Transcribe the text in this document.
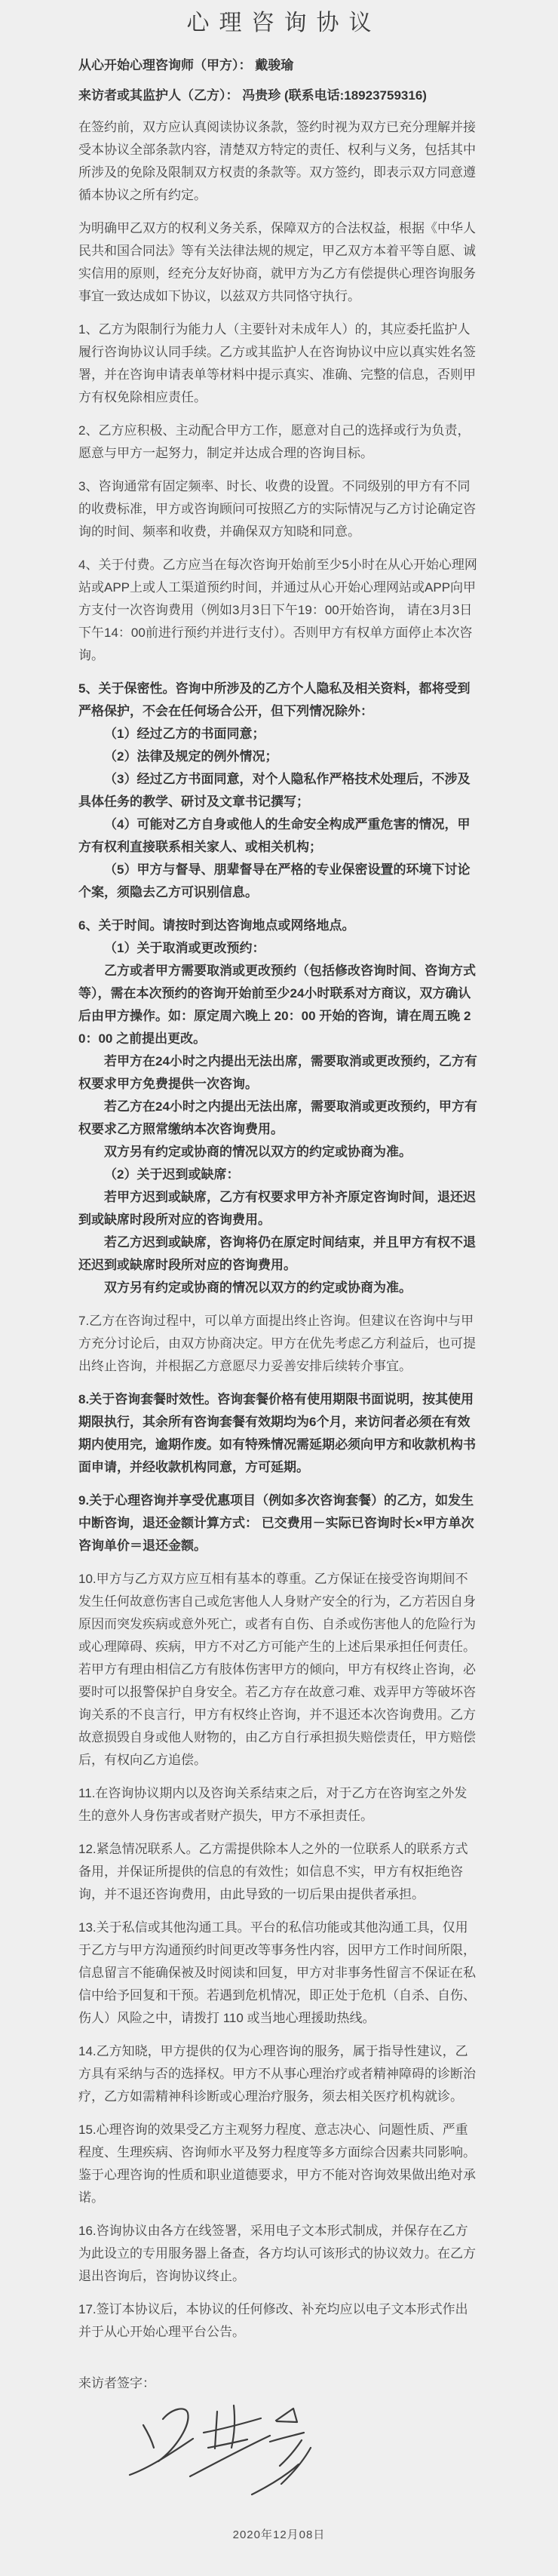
心理咨询协议

从心开始心理咨询师（甲方）： 戴骏瑜

来访者或其监护人（乙方）： 冯贵珍 (联系电话:18923759316)

在签约前，双方应认真阅读协议条款，签约时视为双方已充分理解并接受本协议全部条款内容，清楚双方特定的责任、权利与义务，包括其中所涉及的免除及限制双方权责的条款等。双方签约，即表示双方同意遵循本协议之所有约定。

为明确甲乙双方的权利义务关系，保障双方的合法权益，根据《中华人民共和国合同法》等有关法律法规的规定，甲乙双方本着平等自愿、诚实信用的原则，经充分友好协商，就甲方为乙方有偿提供心理咨询服务事宜一致达成如下协议，以兹双方共同恪守执行。

1、乙方为限制行为能力人（主要针对未成年人）的，其应委托监护人履行咨询协议认同手续。乙方或其监护人在咨询协议中应以真实姓名签署，并在咨询申请表单等材料中提示真实、准确、完整的信息，否则甲方有权免除相应责任。

2、乙方应积极、主动配合甲方工作，愿意对自己的选择或行为负责，愿意与甲方一起努力，制定并达成合理的咨询目标。

3、咨询通常有固定频率、时长、收费的设置。不同级别的甲方有不同的收费标准，甲方或咨询顾问可按照乙方的实际情况与乙方讨论确定咨询的时间、频率和收费，并确保双方知晓和同意。

4、关于付费。乙方应当在每次咨询开始前至少5小时在从心开始心理网站或APP上或人工渠道预约时间，并通过从心开始心理网站或APP向甲方支付一次咨询费用（例如3月3日下午19：00开始咨询， 请在3月3日下午14：00前进行预约并进行支付）。否则甲方有权单方面停止本次咨询。

5、关于保密性。咨询中所涉及的乙方个人隐私及相关资料，都将受到严格保护，不会在任何场合公开，但下列情况除外：

（1）经过乙方的书面同意；

（2）法律及规定的例外情况；

（3）经过乙方书面同意，对个人隐私作严格技术处理后，不涉及具体任务的教学、研讨及文章书记撰写；

（4）可能对乙方自身或他人的生命安全构成严重危害的情况，甲方有权利直接联系相关家人、或相关机构；

（5）甲方与督导、朋辈督导在严格的专业保密设置的环境下讨论个案，须隐去乙方可识别信息。

6、关于时间。请按时到达咨询地点或网络地点。

（1）关于取消或更改预约：

乙方或者甲方需要取消或更改预约（包括修改咨询时间、咨询方式等），需在本次预约的咨询开始前至少24小时联系对方商议，双方确认后由甲方操作。如：原定周六晚上 20：00 开始的咨询，请在周五晚 20：00 之前提出更改。

若甲方在24小时之内提出无法出席，需要取消或更改预约，乙方有权要求甲方免费提供一次咨询。

若乙方在24小时之内提出无法出席，需要取消或更改预约，甲方有权要求乙方照常缴纳本次咨询费用。

双方另有约定或协商的情况以双方的约定或协商为准。

（2）关于迟到或缺席：

若甲方迟到或缺席，乙方有权要求甲方补齐原定咨询时间，退还迟到或缺席时段所对应的咨询费用。

若乙方迟到或缺席，咨询将仍在原定时间结束，并且甲方有权不退还迟到或缺席时段所对应的咨询费用。

双方另有约定或协商的情况以双方的约定或协商为准。

7.乙方在咨询过程中，可以单方面提出终止咨询。但建议在咨询中与甲方充分讨论后，由双方协商决定。甲方在优先考虑乙方利益后，也可提出终止咨询，并根据乙方意愿尽力妥善安排后续转介事宜。

8.关于咨询套餐时效性。咨询套餐价格有使用期限书面说明，按其使用期限执行，其余所有咨询套餐有效期均为6个月，来访问者必须在有效期内使用完，逾期作废。如有特殊情况需延期必须向甲方和收款机构书面申请，并经收款机构同意，方可延期。

9.关于心理咨询并享受优惠项目（例如多次咨询套餐）的乙方，如发生中断咨询，退还金额计算方式： 已交费用－实际已咨询时长×甲方单次咨询单价＝退还金额。

10.甲方与乙方双方应互相有基本的尊重。乙方保证在接受咨询期间不发生任何故意伤害自己或危害他人人身财产安全的行为，乙方若因自身原因而突发疾病或意外死亡，或者有自伤、自杀或伤害他人的危险行为或心理障碍、疾病，甲方不对乙方可能产生的上述后果承担任何责任。若甲方有理由相信乙方有肢体伤害甲方的倾向，甲方有权终止咨询，必要时可以报警保护自身安全。若乙方存在故意刁难、戏弄甲方等破坏咨询关系的不良言行，甲方有权终止咨询，并不退还本次咨询费用。乙方故意损毁自身或他人财物的，由乙方自行承担损失赔偿责任，甲方赔偿后，有权向乙方追偿。

11.在咨询协议期内以及咨询关系结束之后，对于乙方在咨询室之外发生的意外人身伤害或者财产损失，甲方不承担责任。

12.紧急情况联系人。乙方需提供除本人之外的一位联系人的联系方式备用，并保证所提供的信息的有效性；如信息不实，甲方有权拒绝咨询，并不退还咨询费用，由此导致的一切后果由提供者承担。

13.关于私信或其他沟通工具。平台的私信功能或其他沟通工具，仅用于乙方与甲方沟通预约时间更改等事务性内容，因甲方工作时间所限，信息留言不能确保被及时阅读和回复，甲方对非事务性留言不保证在私信中给予回复和干预。若遇到危机情况，即正处于危机（自杀、自伤、伤人）风险之中，请拨打 110 或当地心理援助热线。

14.乙方知晓，甲方提供的仅为心理咨询的服务，属于指导性建议，乙方具有采纳与否的选择权。甲方不从事心理治疗或者精神障碍的诊断治疗，乙方如需精神科诊断或心理治疗服务，须去相关医疗机构就诊。

15.心理咨询的效果受乙方主观努力程度、意志决心、问题性质、严重程度、生理疾病、咨询师水平及努力程度等多方面综合因素共同影响。鉴于心理咨询的性质和职业道德要求，甲方不能对咨询效果做出绝对承诺。

16.咨询协议由各方在线签署，采用电子文本形式制成，并保存在乙方为此设立的专用服务器上备查，各方均认可该形式的协议效力。在乙方退出咨询后，咨询协议终止。

17.签订本协议后，本协议的任何修改、补充均应以电子文本形式作出并于从心开始心理平台公告。

来访者签字：

2020年12月08日
